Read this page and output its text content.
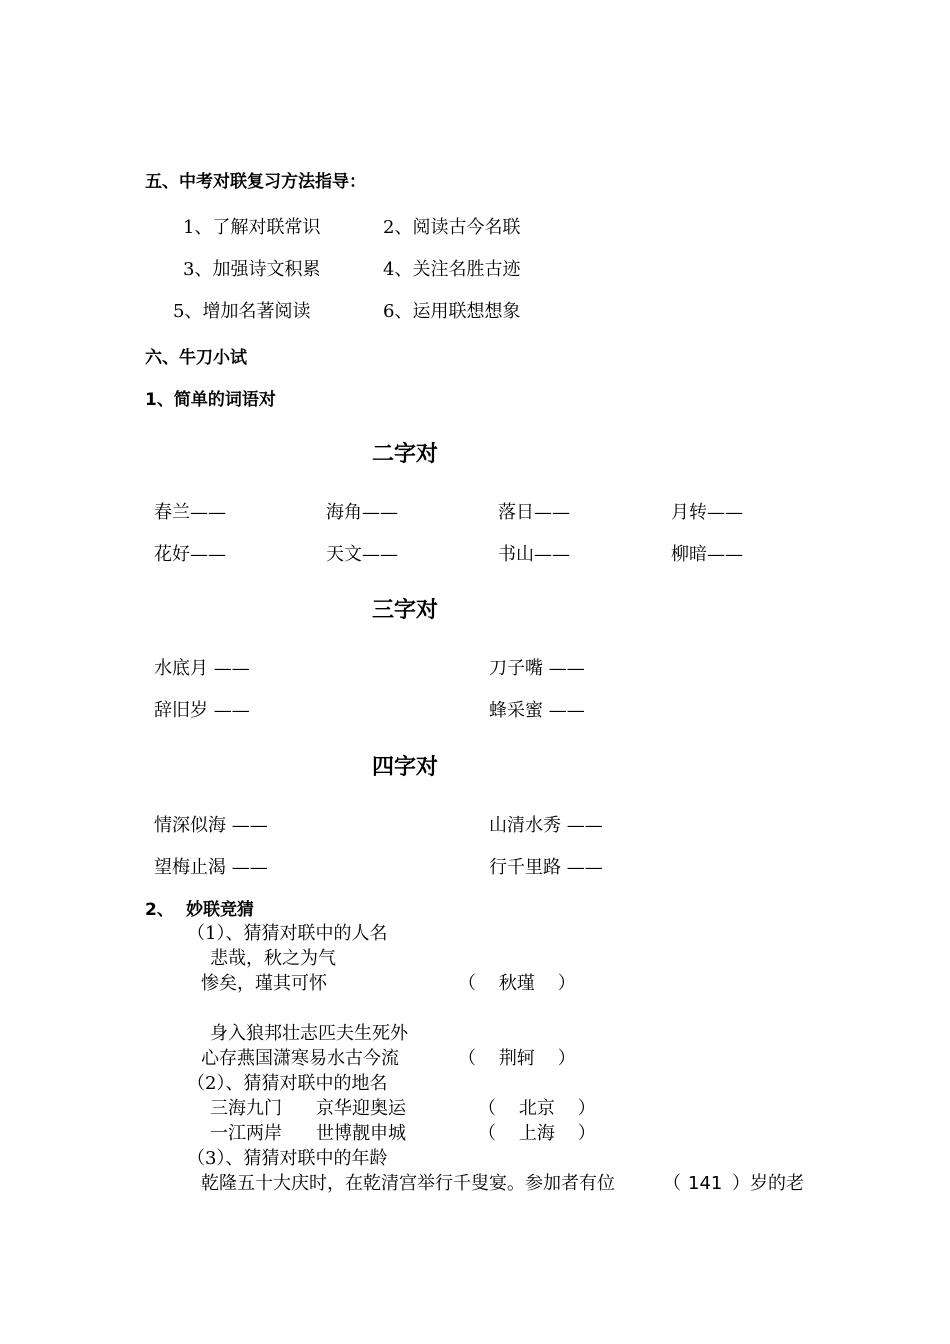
五、中考对联复习方法指导：
1、了解对联常识	2、阅读古今名联
3、加强诗文积累	4、关注名胜古迹
5、增加名著阅读	6、运用联想想象
六、牛刀小试
1、简单的词语对
二字对
春兰——	海角——	落日——	月转——
花好——	天文——	书山——	柳暗——
三字对
水底月 ——	刀子嘴 ——
辞旧岁 ——	蜂采蜜 ——
四字对
情深似海 ——	山清水秀 ——
望梅止渴 ——	行千里路 ——
2、 妙联竞猜
（1）、猜猜对联中的人名
悲哉，秋之为气
惨矣，瑾其可怀	（    秋瑾    ）
身入狼邦壮志匹夫生死外
心存燕国潇寒易水古今流	（    荆轲    ）
（2）、猜猜对联中的地名
三海九门 京华迎奥运	（    北京    ）
一江两岸 世博靓申城	（    上海    ）
（3）、猜猜对联中的年龄
乾隆五十大庆时，在乾清宫举行千叟宴。参加者有位	（ 141 ）岁的老
